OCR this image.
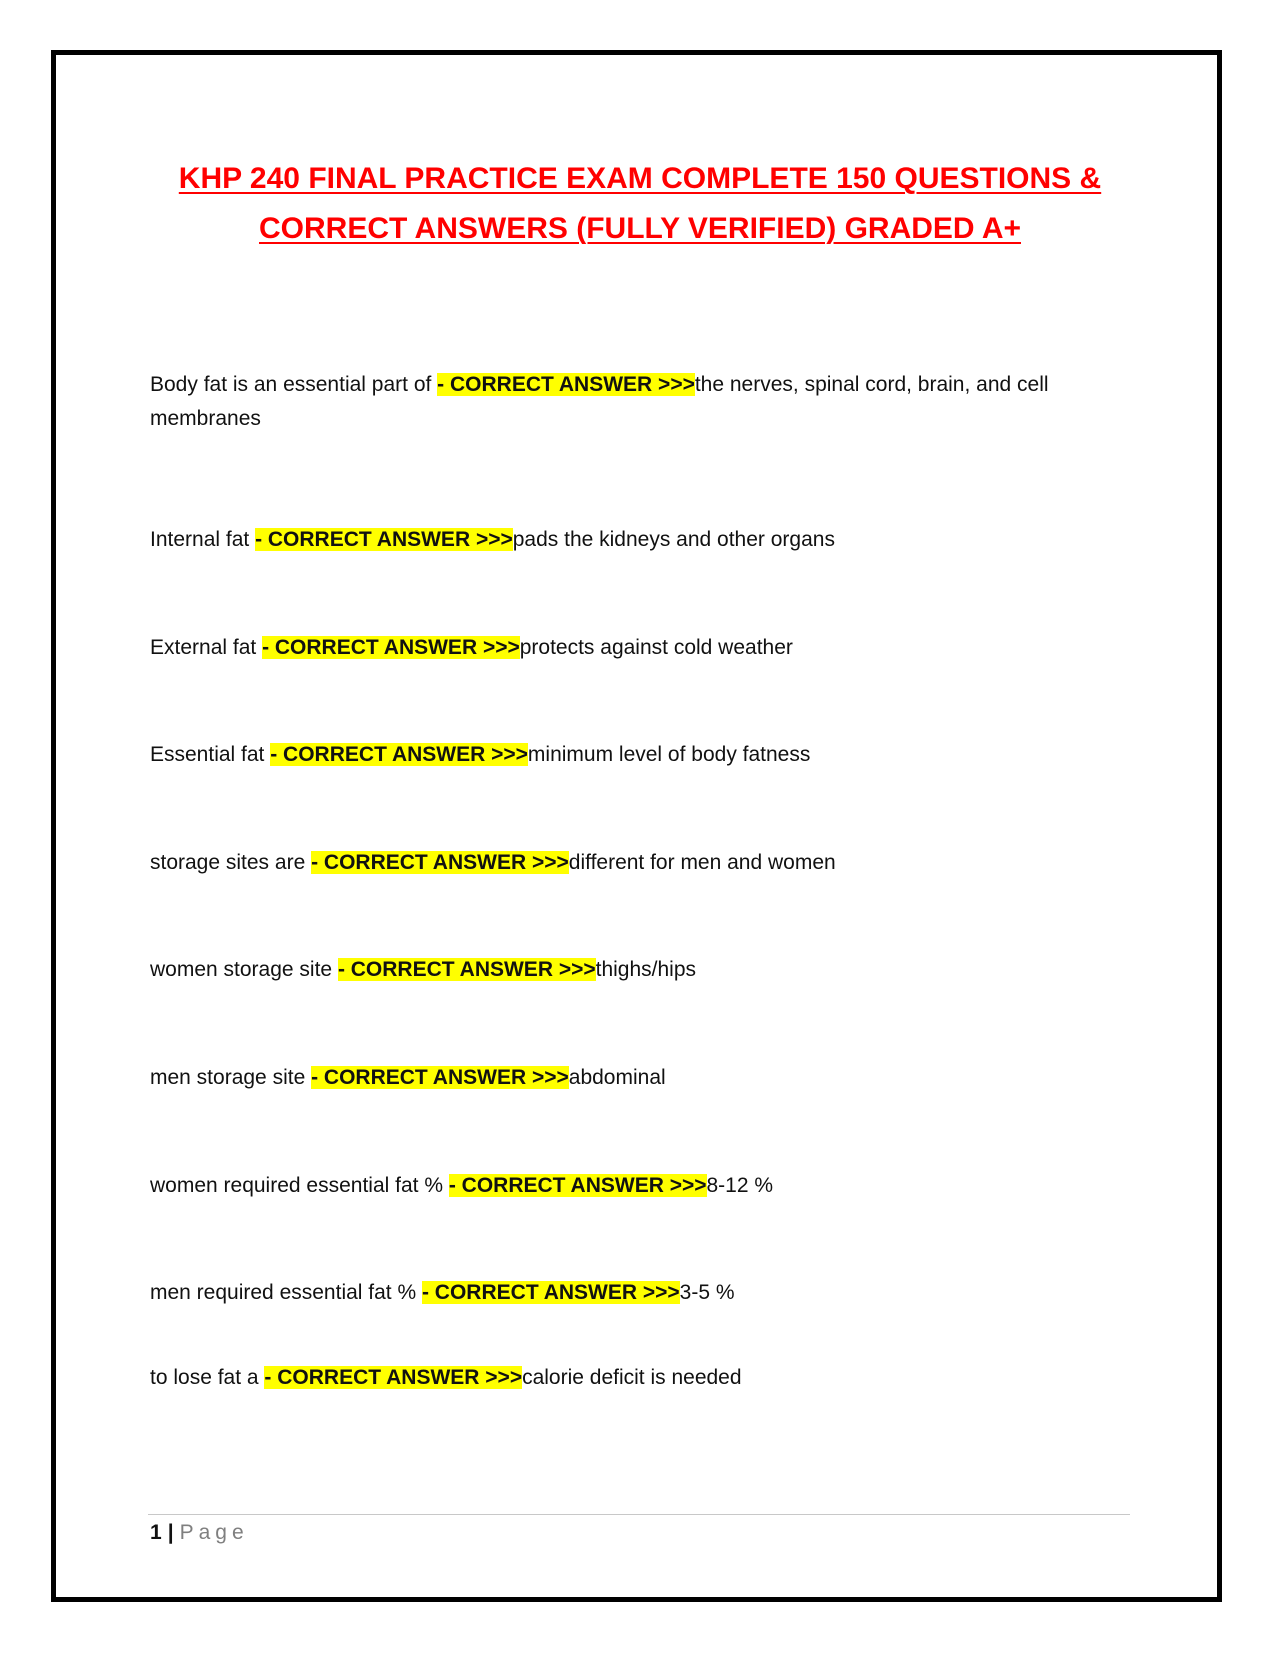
KHP 240 FINAL PRACTICE EXAM COMPLETE 150 QUESTIONS & CORRECT ANSWERS (FULLY VERIFIED) GRADED A+

Body fat is an essential part of - CORRECT ANSWER >>>the nerves, spinal cord, brain, and cell membranes

Internal fat - CORRECT ANSWER >>>pads the kidneys and other organs

External fat - CORRECT ANSWER >>>protects against cold weather

Essential fat - CORRECT ANSWER >>>minimum level of body fatness

storage sites are - CORRECT ANSWER >>>different for men and women

women storage site - CORRECT ANSWER >>>thighs/hips

men storage site - CORRECT ANSWER >>>abdominal

women required essential fat % - CORRECT ANSWER >>>8-12 %

men required essential fat % - CORRECT ANSWER >>>3-5 %

to lose fat a - CORRECT ANSWER >>>calorie deficit is needed

1 | Page
